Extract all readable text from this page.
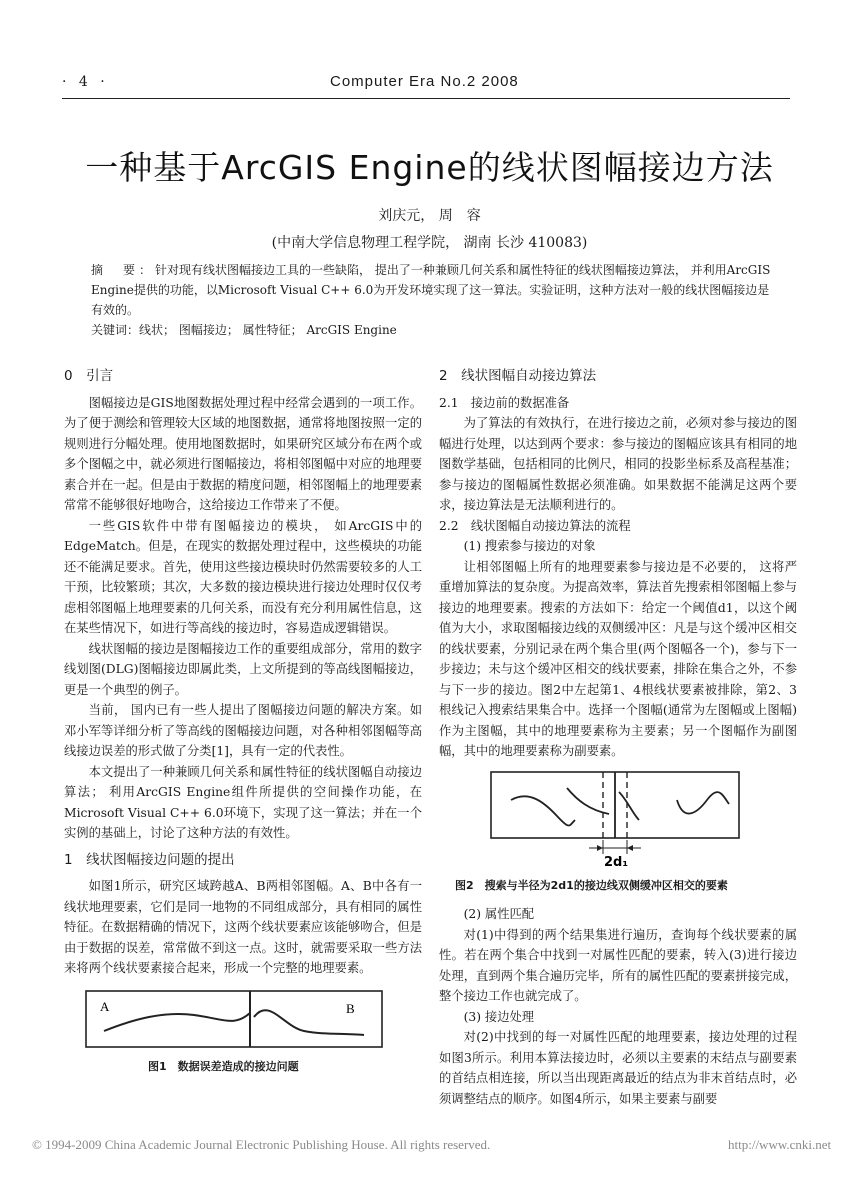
· 4 ·	Computer Era No.2 2008
一种基于ArcGIS Engine的线状图幅接边方法
刘庆元， 周　容
(中南大学信息物理工程学院， 湖南 长沙 410083)
摘　要：针对现有线状图幅接边工具的一些缺陷， 提出了一种兼顾几何关系和属性特征的线状图幅接边算法， 并利用ArcGIS Engine提供的功能，以Microsoft Visual C++ 6.0为开发环境实现了这一算法。实验证明，这种方法对一般的线状图幅接边是有效的。
关键词：线状； 图幅接边； 属性特征； ArcGIS Engine
0　引言

图幅接边是GIS地图数据处理过程中经常会遇到的一项工作。为了便于测绘和管理较大区域的地图数据，通常将地图按照一定的规则进行分幅处理。使用地图数据时，如果研究区域分布在两个或多个图幅之中，就必须进行图幅接边，将相邻图幅中对应的地理要素合并在一起。但是由于数据的精度问题，相邻图幅上的地理要素常常不能够很好地吻合，这给接边工作带来了不便。

一些GIS软件中带有图幅接边的模块， 如ArcGIS中的EdgeMatch。但是，在现实的数据处理过程中，这些模块的功能还不能满足要求。首先，使用这些接边模块时仍然需要较多的人工干预，比较繁琐；其次，大多数的接边模块进行接边处理时仅仅考虑相邻图幅上地理要素的几何关系，而没有充分利用属性信息，这在某些情况下，如进行等高线的接边时，容易造成逻辑错误。

线状图幅的接边是图幅接边工作的重要组成部分，常用的数字线划图(DLG)图幅接边即属此类，上文所提到的等高线图幅接边，更是一个典型的例子。

当前， 国内已有一些人提出了图幅接边问题的解决方案。如邓小军等详细分析了等高线的图幅接边问题，对各种相邻图幅等高线接边误差的形式做了分类[1]，具有一定的代表性。

本文提出了一种兼顾几何关系和属性特征的线状图幅自动接边算法； 利用ArcGIS Engine组件所提供的空间操作功能，在Microsoft Visual C++ 6.0环境下，实现了这一算法；并在一个实例的基础上，讨论了这种方法的有效性。

1　线状图幅接边问题的提出

如图1所示，研究区域跨越A、B两相邻图幅。A、B中各有一线状地理要素，它们是同一地物的不同组成部分，具有相同的属性特征。在数据精确的情况下，这两个线状要素应该能够吻合，但是由于数据的误差，常常做不到这一点。这时，就需要采取一些方法来将两个线状要素接合起来，形成一个完整的地理要素。

A	B
图1　数据误差造成的接边问题
2　线状图幅自动接边算法
2.1　接边前的数据准备

为了算法的有效执行，在进行接边之前，必须对参与接边的图幅进行处理，以达到两个要求：参与接边的图幅应该具有相同的地图数学基础，包括相同的比例尺，相同的投影坐标系及高程基准；参与接边的图幅属性数据必须准确。如果数据不能满足这两个要求，接边算法是无法顺利进行的。

2.2　线状图幅自动接边算法的流程

(1) 搜索参与接边的对象

让相邻图幅上所有的地理要素参与接边是不必要的， 这将严重增加算法的复杂度。为提高效率，算法首先搜索相邻图幅上参与接边的地理要素。搜索的方法如下：给定一个阈值d1，以这个阈值为大小，求取图幅接边线的双侧缓冲区：凡是与这个缓冲区相交的线状要素，分别记录在两个集合里(两个图幅各一个)，参与下一步接边；未与这个缓冲区相交的线状要素，排除在集合之外，不参与下一步的接边。图2中左起第1、4根线状要素被排除，第2、3根线记入搜索结果集合中。选择一个图幅(通常为左图幅或上图幅)作为主图幅，其中的地理要素称为主要素；另一个图幅作为副图幅，其中的地理要素称为副要素。

2d₁
图2　搜索与半径为2d1的接边线双侧缓冲区相交的要素

(2) 属性匹配

对(1)中得到的两个结果集进行遍历，查询每个线状要素的属性。若在两个集合中找到一对属性匹配的要素，转入(3)进行接边处理，直到两个集合遍历完毕，所有的属性匹配的要素拼接完成，整个接边工作也就完成了。

(3) 接边处理

对(2)中找到的每一对属性匹配的地理要素，接边处理的过程如图3所示。利用本算法接边时，必须以主要素的末结点与副要素的首结点相连接，所以当出现距离最近的结点为非末首结点时，必须调整结点的顺序。如图4所示，如果主要素与副要

© 1994-2009 China Academic Journal Electronic Publishing House. All rights reserved.	http://www.cnki.net
